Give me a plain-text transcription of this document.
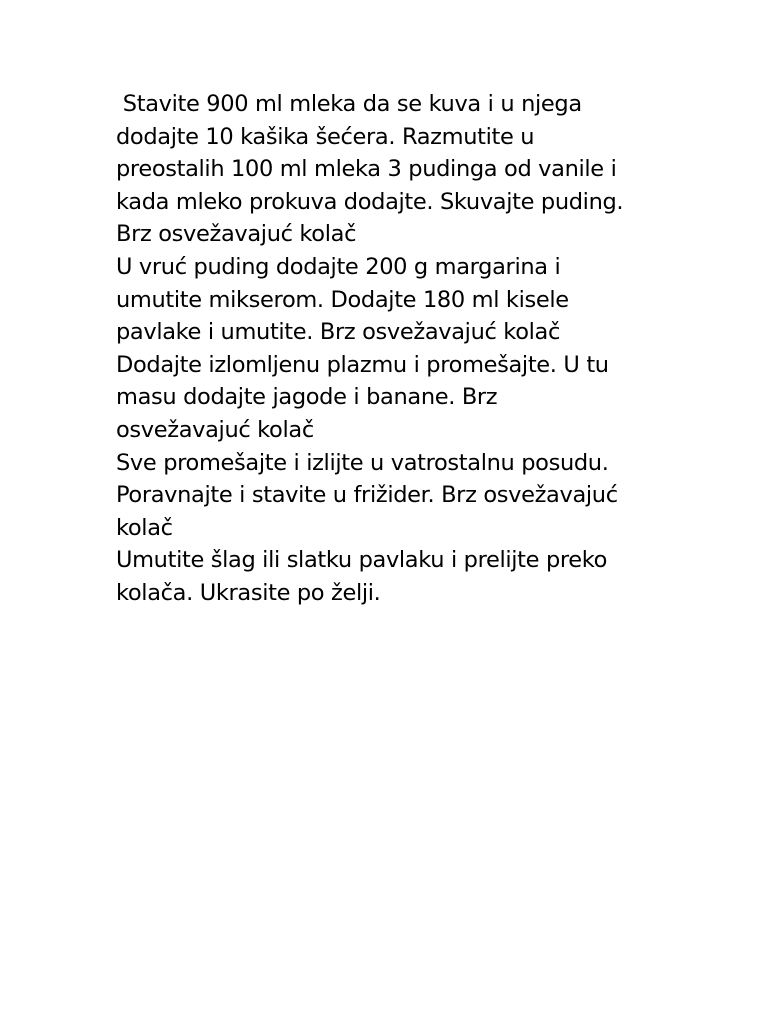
Stavite 900 ml mleka da se kuva i u njega
dodajte 10 kašika šećera. Razmutite u
preostalih 100 ml mleka 3 pudinga od vanile i
kada mleko prokuva dodajte. Skuvajte puding.
Brz osvežavajuć kolač
U vruć puding dodajte 200 g margarina i
umutite mikserom. Dodajte 180 ml kisele
pavlake i umutite. Brz osvežavajuć kolač
Dodajte izlomljenu plazmu i promešajte. U tu
masu dodajte jagode i banane. Brz
osvežavajuć kolač
Sve promešajte i izlijte u vatrostalnu posudu.
Poravnajte i stavite u frižider. Brz osvežavajuć
kolač
Umutite šlag ili slatku pavlaku i prelijte preko
kolača. Ukrasite po želji.
